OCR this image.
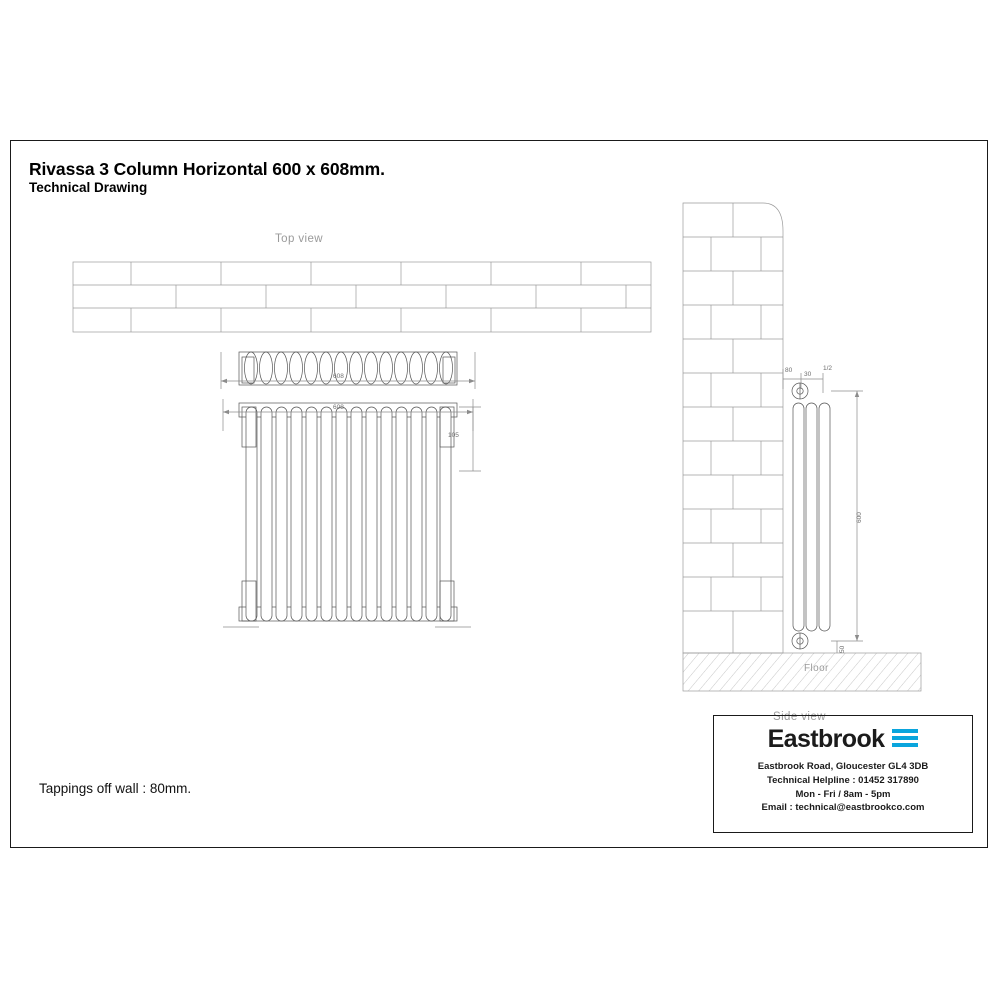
Rivassa 3 Column Horizontal 600 x 608mm.
Technical Drawing
Top view
Side view
Floor
608
608
105
80
30
1/2
600
50
Tappings off wall : 80mm.
Eastbrook
Eastbrook Road, Gloucester GL4 3DB
Technical Helpline : 01452 317890
Mon - Fri / 8am - 5pm
Email : technical@eastbrookco.com
